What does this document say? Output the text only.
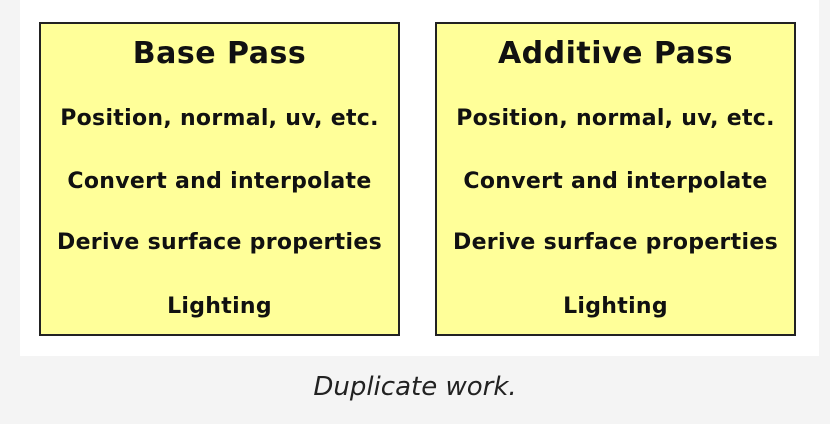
Base Pass
Position, normal, uv, etc.
Convert and interpolate
Derive surface properties
Lighting
Additive Pass
Position, normal, uv, etc.
Convert and interpolate
Derive surface properties
Lighting
Duplicate work.
